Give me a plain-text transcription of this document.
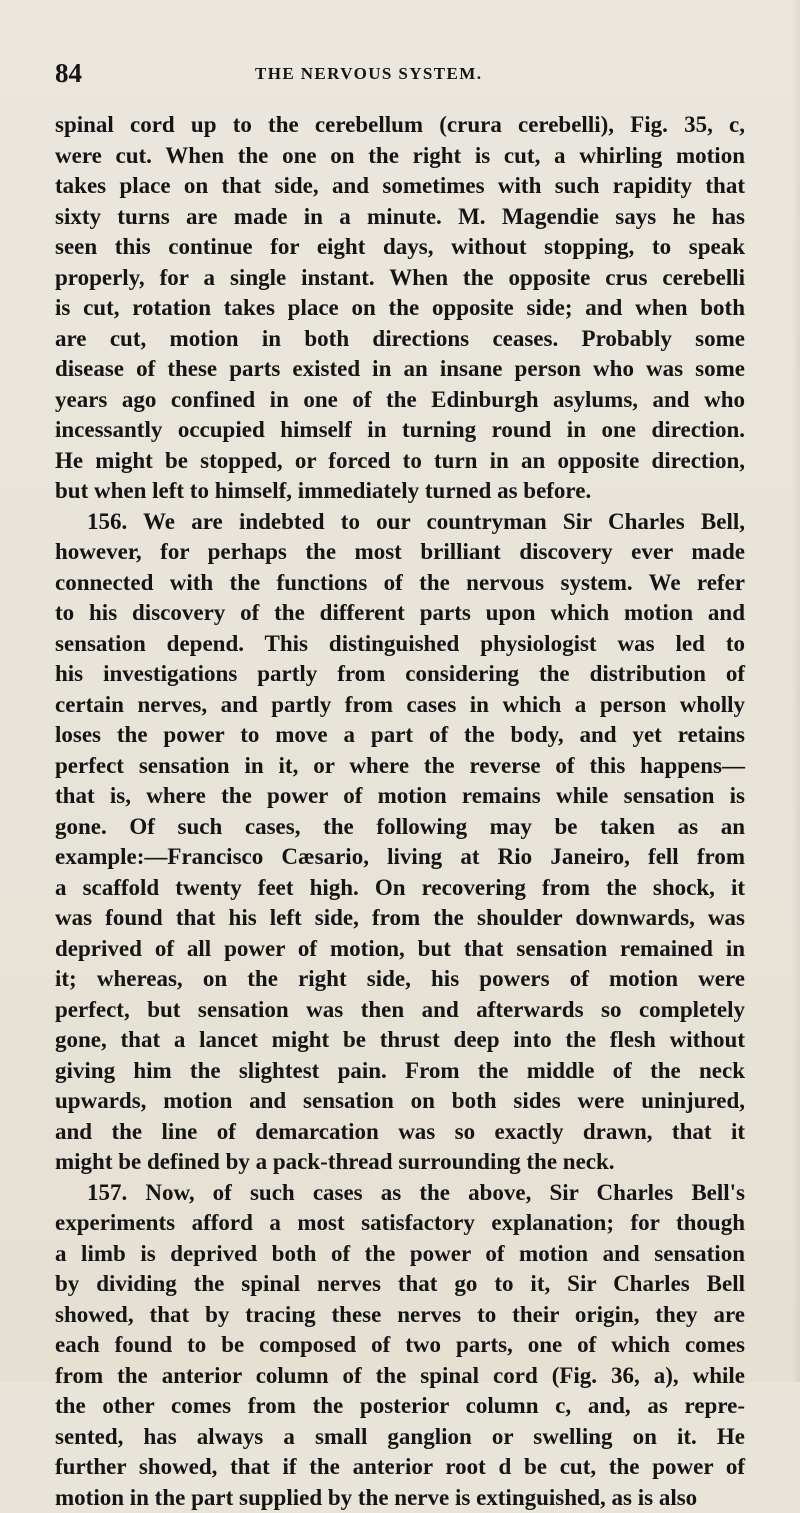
84	THE NERVOUS SYSTEM.
spinal cord up to the cerebellum (crura cerebelli), Fig. 35, c,
were cut. When the one on the right is cut, a whirling motion
takes place on that side, and sometimes with such rapidity that
sixty turns are made in a minute. M. Magendie says he has
seen this continue for eight days, without stopping, to speak
properly, for a single instant. When the opposite crus cerebelli
is cut, rotation takes place on the opposite side; and when both
are cut, motion in both directions ceases. Probably some
disease of these parts existed in an insane person who was some
years ago confined in one of the Edinburgh asylums, and who
incessantly occupied himself in turning round in one direction.
He might be stopped, or forced to turn in an opposite direction,
but when left to himself, immediately turned as before.
156. We are indebted to our countryman Sir Charles Bell,
however, for perhaps the most brilliant discovery ever made
connected with the functions of the nervous system. We refer
to his discovery of the different parts upon which motion and
sensation depend. This distinguished physiologist was led to
his investigations partly from considering the distribution of
certain nerves, and partly from cases in which a person wholly
loses the power to move a part of the body, and yet retains
perfect sensation in it, or where the reverse of this happens—
that is, where the power of motion remains while sensation is
gone. Of such cases, the following may be taken as an
example:—Francisco Cæsario, living at Rio Janeiro, fell from
a scaffold twenty feet high. On recovering from the shock, it
was found that his left side, from the shoulder downwards, was
deprived of all power of motion, but that sensation remained in
it; whereas, on the right side, his powers of motion were
perfect, but sensation was then and afterwards so completely
gone, that a lancet might be thrust deep into the flesh without
giving him the slightest pain. From the middle of the neck
upwards, motion and sensation on both sides were uninjured,
and the line of demarcation was so exactly drawn, that it
might be defined by a pack-thread surrounding the neck.
157. Now, of such cases as the above, Sir Charles Bell's
experiments afford a most satisfactory explanation; for though
a limb is deprived both of the power of motion and sensation
by dividing the spinal nerves that go to it, Sir Charles Bell
showed, that by tracing these nerves to their origin, they are
each found to be composed of two parts, one of which comes
from the anterior column of the spinal cord (Fig. 36, a), while
the other comes from the posterior column c, and, as repre-
sented, has always a small ganglion or swelling on it. He
further showed, that if the anterior root d be cut, the power of
motion in the part supplied by the nerve is extinguished, as is also
